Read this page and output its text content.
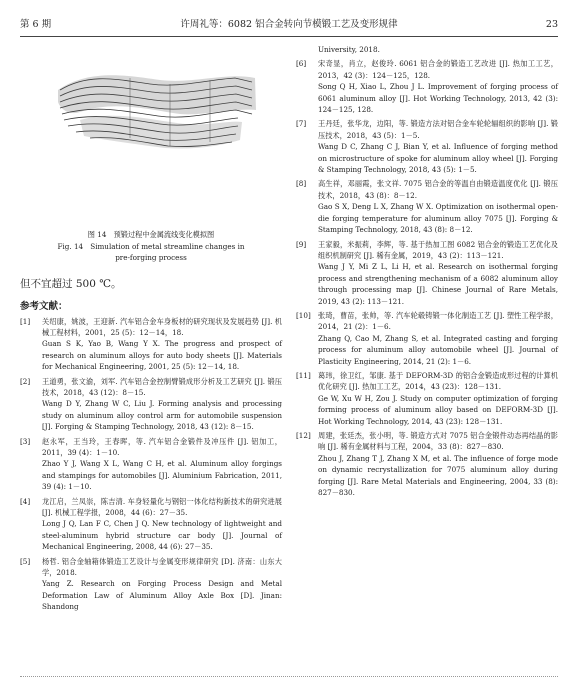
第 6 期	许周礼等：6082 铝合金转向节模锻工艺及变形规律	23
图 14　预锻过程中金属流线变化模拟图
Fig. 14　Simulation of metal streamline changes in
pre-forging process
但不宜超过 500 ℃。
参考文献：
[1]	关绍康，姚波，王迎新. 汽车铝合金车身板材的研究现状及发展趋势 [J]. 机械工程材料，2001，25 (5)：12－14，18.
Guan S K, Yao B, Wang Y X. The progress and prospect of research on aluminum alloys for auto body sheets [J]. Materials for Mechanical Engineering, 2001, 25 (5): 12－14, 18.
[2]	王道勇，张文渝，刘军. 汽车铝合金控制臂锻成形分析及工艺研究 [J]. 锻压技术，2018，43 (12)：8－15.
Wang D Y, Zhang W C, Liu J. Forming analysis and processing study on aluminum alloy control arm for automobile suspension [J]. Forging & Stamping Technology, 2018, 43 (12): 8－15.
[3]	赵永军，王当玲，王春晖，等. 汽车铝合金锻件及冲压件 [J]. 铝加工，2011，39 (4)：1－10.
Zhao Y J, Wang X L, Wang C H, et al. Aluminum alloy forgings and stampings for automobiles [J]. Aluminium Fabrication, 2011, 39 (4): 1－10.
[4]	龙江启，兰凤崇，陈吉清. 车身轻量化与钢铝一体化结构新技术的研究进展 [J]. 机械工程学报，2008，44 (6)：27－35.
Long J Q, Lan F C, Chen J Q. New technology of lightweight and steel-aluminum hybrid structure car body [J]. Journal of Mechanical Engineering, 2008, 44 (6): 27－35.
[5]	杨哲. 铝合金轴箱体锻造工艺设计与金属变形规律研究 [D]. 济南：山东大学，2018.
Yang Z. Research on Forging Process Design and Metal Deformation Law of Aluminum Alloy Axle Box [D]. Jinan: Shandong
University, 2018.
[6]	宋奇显，肖立，赵俊玲. 6061 铝合金的锻造工艺改进 [J]. 热加工工艺，2013，42 (3)：124－125，128.
Song Q H, Xiao L, Zhou J L. Improvement of forging process of 6061 aluminum alloy [J]. Hot Working Technology, 2013, 42 (3): 124－125, 128.
[7]	王丹廷，张华龙，边阳，等. 锻造方法对铝合金车轮轮辐组织的影响 [J]. 锻压技术，2018，43 (5)：1－5.
Wang D C, Zhang C J, Bian Y, et al. Influence of forging method on microstructure of spoke for aluminum alloy wheel [J]. Forging & Stamping Technology, 2018, 43 (5): 1－5.
[8]	高生祥，邓丽霞，张文祥. 7075 铝合金的等温自由锻造温度优化 [J]. 锻压技术，2018，43 (8)：8－12.
Gao S X, Deng L X, Zhang W X. Optimization on isothermal open-die forging temperature for aluminum alloy 7075 [J]. Forging & Stamping Technology, 2018, 43 (8): 8－12.
[9]	王家毅，米振莉，李辉，等. 基于热加工图 6082 铝合金的锻造工艺优化及组织机制研究 [J]. 稀有金属，2019，43 (2)：113－121.
Wang J Y, Mi Z L, Li H, et al. Research on isothermal forging process and strengthening mechanism of a 6082 aluminum alloy through processing map [J]. Chinese Journal of Rare Metals, 2019, 43 (2): 113－121.
[10]	张琦，曹苗，张帅，等. 汽车轮毂铸锻一体化制造工艺 [J]. 塑性工程学报，2014，21 (2)：1－6.
Zhang Q, Cao M, Zhang S, et al. Integrated casting and forging process for aluminum alloy automobile wheel [J]. Journal of Plasticity Engineering, 2014, 21 (2): 1－6.
[11]	葛玮，徐卫红，邹康. 基于 DEFORM-3D 的铝合金锻造成形过程的计算机优化研究 [J]. 热加工工艺，2014，43 (23)：128－131.
Ge W, Xu W H, Zou J. Study on computer optimization of forging forming process of aluminum alloy based on DEFORM-3D [J]. Hot Working Technology, 2014, 43 (23): 128－131.
[12]	周建，张廷杰，张小明，等. 锻造方式对 7075 铝合金锻件动态再结晶的影响 [J]. 稀有金属材料与工程，2004，33 (8)：827－830.
Zhou J, Zhang T J, Zhang X M, et al. The influence of forge mode on dynamic recrystallization for 7075 aluminum alloy during forging [J]. Rare Metal Materials and Engineering, 2004, 33 (8): 827－830.
